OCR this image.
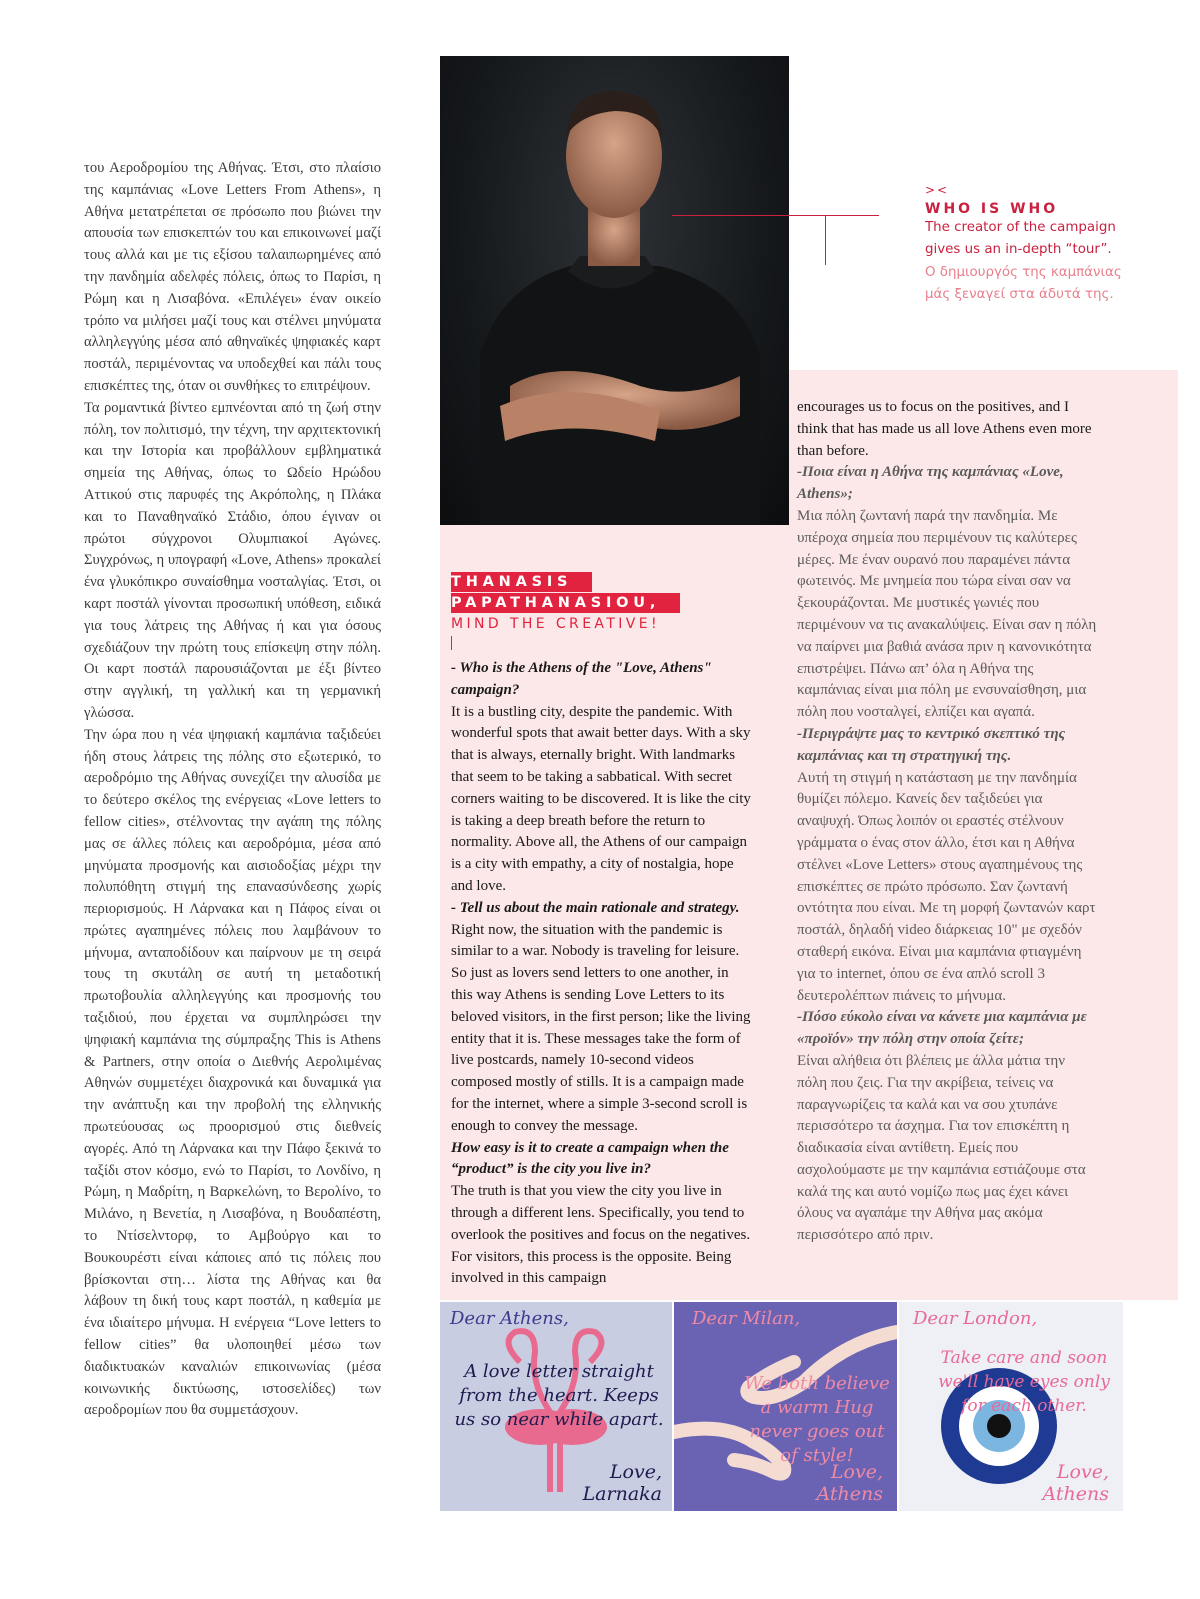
του Αεροδρομίου της Αθήνας. Έτσι, στο πλαίσιο της καμπάνιας «Love Letters From Athens», η Αθήνα μετατρέπεται σε πρόσωπο που βιώνει την απουσία των επισκεπτών του και επικοινωνεί μαζί τους αλλά και με τις εξίσου ταλαιπωρημένες από την πανδημία αδελφές πόλεις, όπως το Παρίσι, η Ρώμη και η Λισαβόνα. «Επιλέγει» έναν οικείο τρόπο να μιλήσει μαζί τους και στέλνει μηνύματα αλληλεγγύης μέσα από αθηναϊκές ψηφιακές καρτ ποστάλ, περιμένοντας να υποδεχθεί και πάλι τους επισκέπτες της, όταν οι συνθήκες το επιτρέψουν.

Τα ρομαντικά βίντεο εμπνέονται από τη ζωή στην πόλη, τον πολιτισμό, την τέχνη, την αρχιτεκτονική και την Ιστορία και προβάλλουν εμβληματικά σημεία της Αθήνας, όπως το Ωδείο Ηρώδου Αττικού στις παρυφές της Ακρόπολης, η Πλάκα και το Παναθηναϊκό Στάδιο, όπου έγιναν οι πρώτοι σύγχρονοι Ολυμπιακοί Αγώνες. Συγχρόνως, η υπογραφή «Love, Athens» προκαλεί ένα γλυκόπικρο συναίσθημα νοσταλγίας. Έτσι, οι καρτ ποστάλ γίνονται προσωπική υπόθεση, ειδικά για τους λάτρεις της Αθήνας ή και για όσους σχεδιάζουν την πρώτη τους επίσκεψη στην πόλη. Οι καρτ ποστάλ παρουσιάζονται με έξι βίντεο στην αγγλική, τη γαλλική και τη γερμανική γλώσσα.

Την ώρα που η νέα ψηφιακή καμπάνια ταξιδεύει ήδη στους λάτρεις της πόλης στο εξωτερικό, το αεροδρόμιο της Αθήνας συνεχίζει την αλυσίδα με το δεύτερο σκέλος της ενέργειας «Love letters to fellow cities», στέλνοντας την αγάπη της πόλης μας σε άλλες πόλεις και αεροδρόμια, μέσα από μηνύματα προσμονής και αισιοδοξίας μέχρι την πολυπόθητη στιγμή της επανασύνδεσης χωρίς περιορισμούς. Η Λάρνακα και η Πάφος είναι οι πρώτες αγαπημένες πόλεις που λαμβάνουν το μήνυμα, ανταποδίδουν και παίρνουν με τη σειρά τους τη σκυτάλη σε αυτή τη μεταδοτική πρωτοβουλία αλληλεγγύης και προσμονής του ταξιδιού, που έρχεται να συμπληρώσει την ψηφιακή καμπάνια της σύμπραξης This is Athens & Partners, στην οποία ο Διεθνής Αερολιμένας Αθηνών συμμετέχει διαχρονικά και δυναμικά για την ανάπτυξη και την προβολή της ελληνικής πρωτεύουσας ως προορισμού στις διεθνείς αγορές. Από τη Λάρνακα και την Πάφο ξεκινά το ταξίδι στον κόσμο, ενώ το Παρίσι, το Λονδίνο, η Ρώμη, η Μαδρίτη, η Βαρκελώνη, το Βερολίνο, το Μιλάνο, η Βενετία, η Λισαβόνα, η Βουδαπέστη, το Ντίσελντορφ, το Αμβούργο και το Βουκουρέστι είναι κάποιες από τις πόλεις που βρίσκονται στη… λίστα της Αθήνας και θα λάβουν τη δική τους καρτ ποστάλ, η καθεμία με ένα ιδιαίτερο μήνυμα. Η ενέργεια “Love letters to fellow cities” θα υλοποιηθεί μέσω των διαδικτυακών καναλιών επικοινωνίας (μέσα κοινωνικής δικτύωσης, ιστοσελίδες) των αεροδρομίων που θα συμμετάσχουν.

><
WHO IS WHO
The creator of the campaign gives us an in-depth “tour”.
Ο δημιουργός της καμπάνιας μάς ξεναγεί στα άδυτά της.
THANASIS
PAPATHANASIOU,
MIND THE CREATIVE!

- Who is the Athens of the "Love, Athens" campaign?

It is a bustling city, despite the pandemic. With wonderful spots that await better days. With a sky that is always, eternally bright. With landmarks that seem to be taking a sabbatical. With secret corners waiting to be discovered. It is like the city is taking a deep breath before the return to normality. Above all, the Athens of our campaign is a city with empathy, a city of nostalgia, hope and love.

- Tell us about the main rationale and strategy.

Right now, the situation with the pandemic is similar to a war. Nobody is traveling for leisure. So just as lovers send letters to one another, in this way Athens is sending Love Letters to its beloved visitors, in the first person; like the living entity that it is. These messages take the form of live postcards, namely 10-second videos composed mostly of stills. It is a campaign made for the internet, where a simple 3-second scroll is enough to convey the message.

How easy is it to create a campaign when the “product” is the city you live in?

The truth is that you view the city you live in through a different lens. Specifically, you tend to overlook the positives and focus on the negatives. For visitors, this process is the opposite. Being involved in this campaign

encourages us to focus on the positives, and I think that has made us all love Athens even more than before.

-Ποια είναι η Αθήνα της καμπάνιας «Love, Athens»;

Μια πόλη ζωντανή παρά την πανδημία. Με υπέροχα σημεία που περιμένουν τις καλύτερες μέρες. Με έναν ουρανό που παραμένει πάντα φωτεινός. Με μνημεία που τώρα είναι σαν να ξεκουράζονται. Με μυστικές γωνιές που περιμένουν να τις ανακαλύψεις. Είναι σαν η πόλη να παίρνει μια βαθιά ανάσα πριν η κανονικότητα επιστρέψει. Πάνω απ’ όλα η Αθήνα της καμπάνιας είναι μια πόλη με ενσυναίσθηση, μια πόλη που νοσταλγεί, ελπίζει και αγαπά.

-Περιγράψτε μας το κεντρικό σκεπτικό της καμπάνιας και τη στρατηγική της.

Αυτή τη στιγμή η κατάσταση με την πανδημία θυμίζει πόλεμο. Κανείς δεν ταξιδεύει για αναψυχή. Όπως λοιπόν οι εραστές στέλνουν γράμματα ο ένας στον άλλο, έτσι και η Αθήνα στέλνει «Love Letters» στους αγαπημένους της επισκέπτες σε πρώτο πρόσωπο. Σαν ζωντανή οντότητα που είναι. Με τη μορφή ζωντανών καρτ ποστάλ, δηλαδή video διάρκειας 10" με σχεδόν σταθερή εικόνα. Είναι μια καμπάνια φτιαγμένη για το internet, όπου σε ένα απλό scroll 3 δευτερολέπτων πιάνεις το μήνυμα.

-Πόσο εύκολο είναι να κάνετε μια καμπάνια με «προϊόν» την πόλη στην οποία ζείτε;

Είναι αλήθεια ότι βλέπεις με άλλα μάτια την πόλη που ζεις. Για την ακρίβεια, τείνεις να παραγνωρίζεις τα καλά και να σου χτυπάνε περισσότερο τα άσχημα. Για τον επισκέπτη η διαδικασία είναι αντίθετη. Εμείς που ασχολούμαστε με την καμπάνια εστιάζουμε στα καλά της και αυτό νομίζω πως μας έχει κάνει όλους να αγαπάμε την Αθήνα μας ακόμα περισσότερο από πριν.

Dear Athens,
A love letter straight from the heart. Keeps us so near while apart.
Love,
Larnaka
Dear Milan,
We both believe a warm Hug never goes out of style!
Love,
Athens
Dear London,
Take care and soon we'll have eyes only for each other.
Love,
Athens
